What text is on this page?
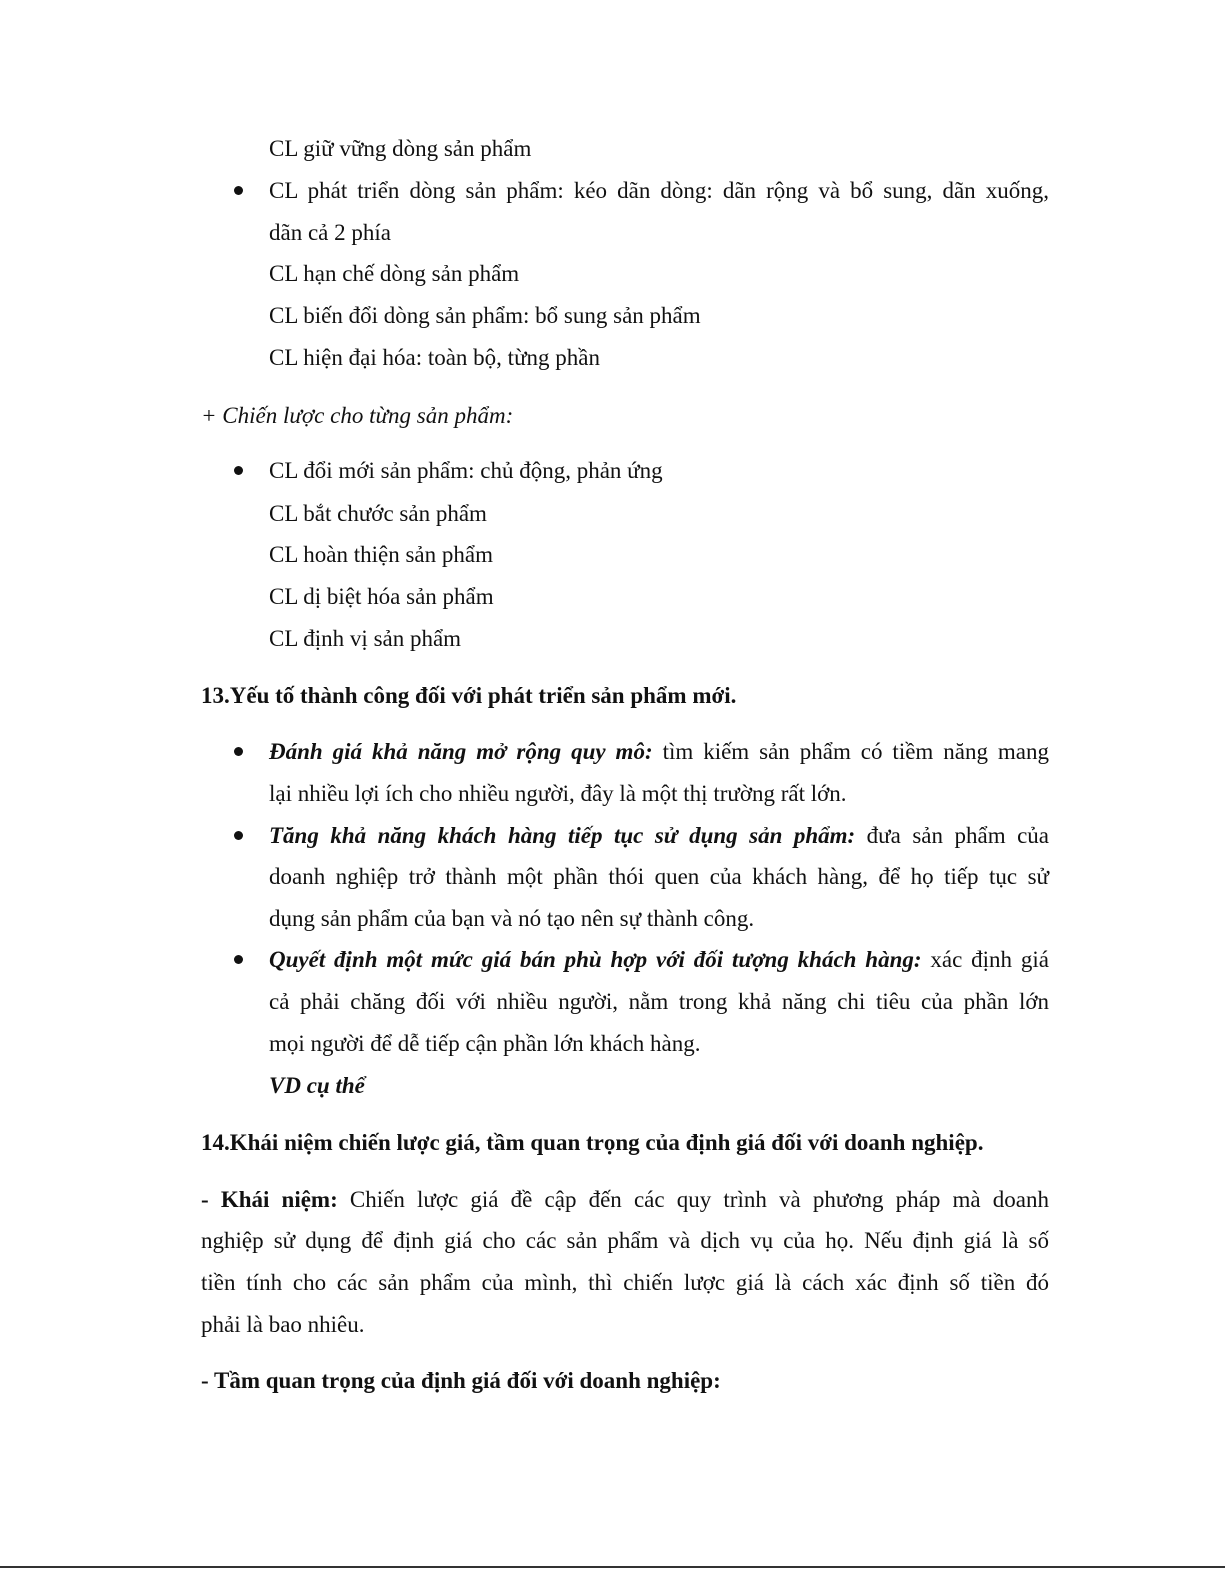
CL giữ vững dòng sản phẩm

CL phát triển dòng sản phẩm: kéo dãn dòng: dãn rộng và bổ sung, dãn xuống,

dãn cả 2 phía

CL hạn chế dòng sản phẩm

CL biến đổi dòng sản phẩm: bổ sung sản phẩm

CL hiện đại hóa: toàn bộ, từng phần

+ Chiến lược cho từng sản phẩm:

CL đổi mới sản phẩm: chủ động, phản ứng

CL bắt chước sản phẩm

CL hoàn thiện sản phẩm

CL dị biệt hóa sản phẩm

CL định vị sản phẩm

13.Yếu tố thành công đối với phát triển sản phẩm mới.

Đánh giá khả năng mở rộng quy mô: tìm kiếm sản phẩm có tiềm năng mang

lại nhiều lợi ích cho nhiều người, đây là một thị trường rất lớn.

Tăng khả năng khách hàng tiếp tục sử dụng sản phẩm: đưa sản phẩm của

doanh nghiệp trở thành một phần thói quen của khách hàng, để họ tiếp tục sử

dụng sản phẩm của bạn và nó tạo nên sự thành công.

Quyết định một mức giá bán phù hợp với đối tượng khách hàng: xác định giá

cả phải chăng đối với nhiều người, nằm trong khả năng chi tiêu của phần lớn

mọi người để dễ tiếp cận phần lớn khách hàng.

VD cụ thể

14.Khái niệm chiến lược giá, tầm quan trọng của định giá đối với doanh nghiệp.

- Khái niệm: Chiến lược giá đề cập đến các quy trình và phương pháp mà doanh

nghiệp sử dụng để định giá cho các sản phẩm và dịch vụ của họ. Nếu định giá là số

tiền tính cho các sản phẩm của mình, thì chiến lược giá là cách xác định số tiền đó

phải là bao nhiêu.

- Tầm quan trọng của định giá đối với doanh nghiệp:
